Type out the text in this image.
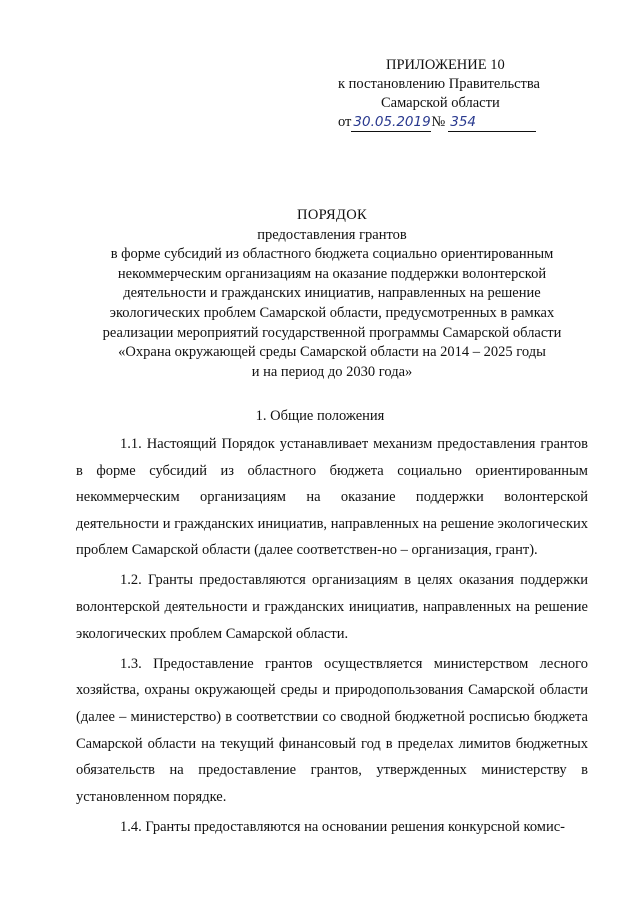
ПРИЛОЖЕНИЕ 10
к постановлению Правительства
Самарской области
от 30.05.2019 № 354
ПОРЯДОК
предоставления грантов
в форме субсидий из областного бюджета социально ориентированным
некоммерческим организациям на оказание поддержки волонтерской
деятельности и гражданских инициатив, направленных на решение
экологических проблем Самарской области, предусмотренных в рамках
реализации мероприятий государственной программы Самарской области
«Охрана окружающей среды Самарской области на 2014 – 2025 годы
и на период до 2030 года»
1. Общие положения

1.1. Настоящий Порядок устанавливает механизм предоставления грантов в форме субсидий из областного бюджета социально ориентированным некоммерческим организациям на оказание поддержки волонтерской деятельности и гражданских инициатив, направленных на решение экологических проблем Самарской области (далее соответствен-но – организация, грант).

1.2. Гранты предоставляются организациям в целях оказания поддержки волонтерской деятельности и гражданских инициатив, направленных на решение экологических проблем Самарской области.

1.3. Предоставление грантов осуществляется министерством лесного хозяйства, охраны окружающей среды и природопользования Самарской области (далее – министерство) в соответствии со сводной бюджетной росписью бюджета Самарской области на текущий финансовый год в пределах лимитов бюджетных обязательств на предоставление грантов, утвержденных министерству в установленном порядке.

1.4. Гранты предоставляются на основании решения конкурсной комис-
